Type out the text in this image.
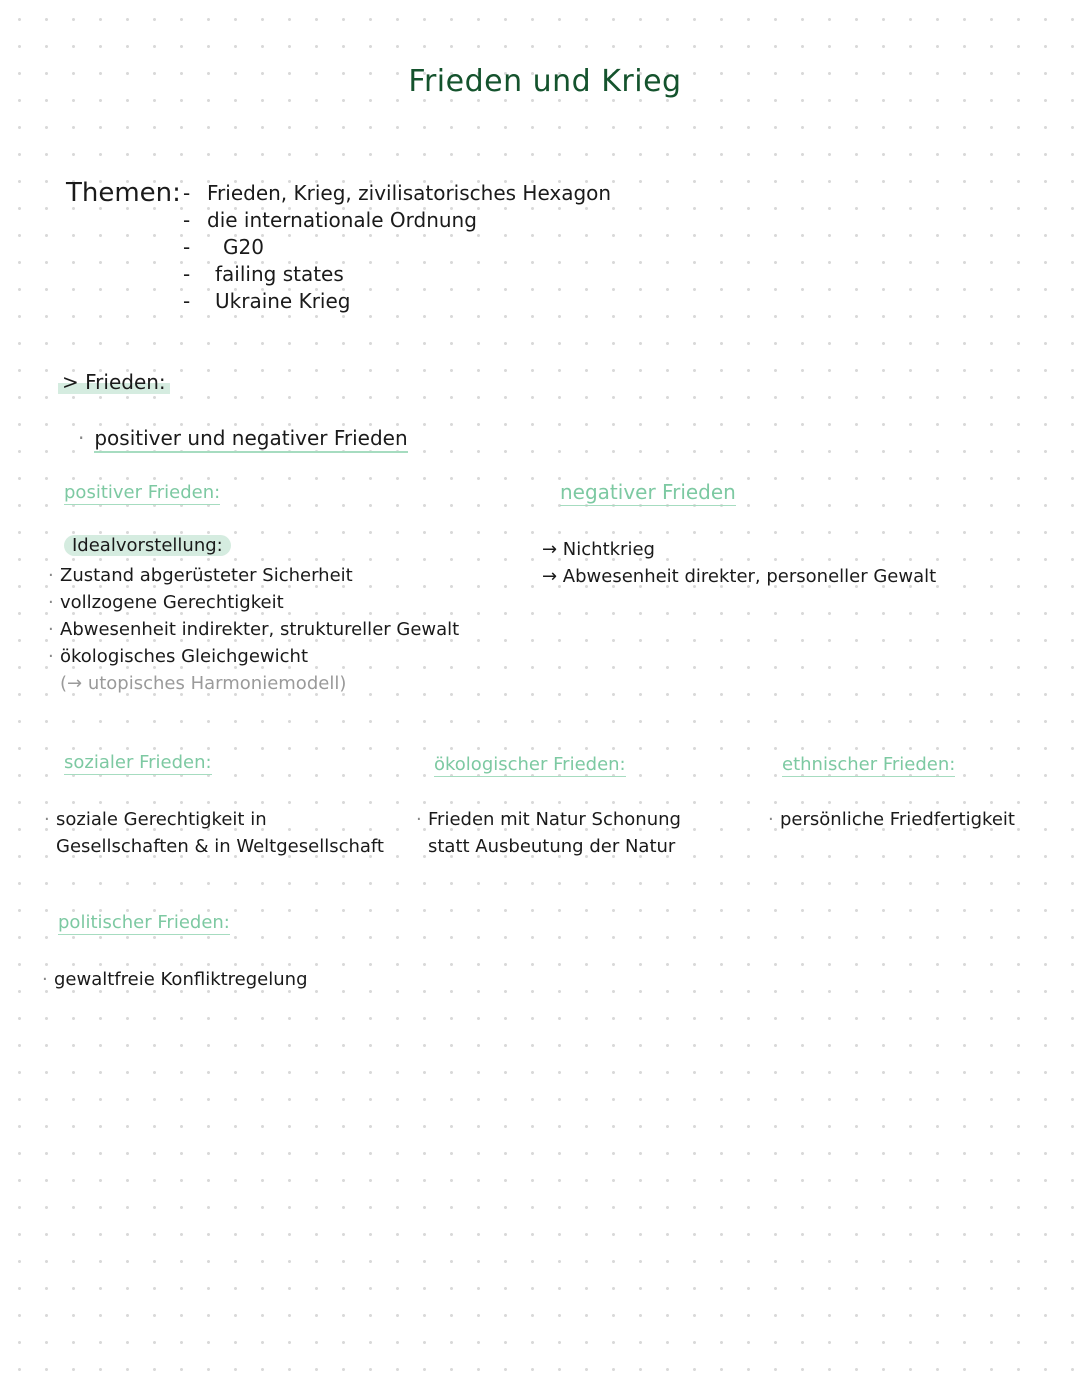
Frieden und Krieg
Themen: - Frieden, Krieg, zivilisatorisches Hexagon
- die internationale Ordnung
- G20
- failing states
- Ukraine Krieg
> Frieden:
· positiver und negativer Frieden
positiver Frieden:
Idealvorstellung:
· Zustand abgerüsteter Sicherheit
· vollzogene Gerechtigkeit
· Abwesenheit indirekter, struktureller Gewalt
· ökologisches Gleichgewicht
(→ utopisches Harmoniemodell)
negativer Frieden
→ Nichtkrieg
→ Abwesenheit direkter, personeller Gewalt
sozialer Frieden:
· soziale Gerechtigkeit in
Gesellschaften & in Weltgesellschaft
ökologischer Frieden:
· Frieden mit Natur Schonung
statt Ausbeutung der Natur
ethnischer Frieden:
· persönliche Friedfertigkeit
politischer Frieden:
· gewaltfreie Konfliktregelung
